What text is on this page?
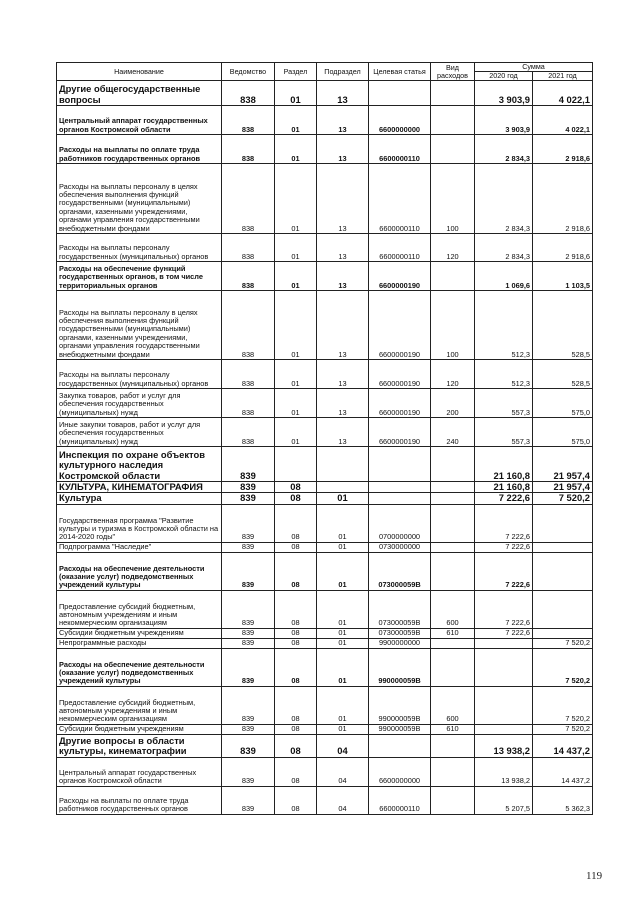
Наименование	Ведомство	Раздел	Подраздел	Целевая статья	Вид расходов	Сумма	
						2020 год	2021 год
Другие общегосударственные вопросы	838	01	13			3 903,9	4 022,1
Центральный аппарат государственных органов Костромской области	838	01	13	6600000000		3 903,9	4 022,1
Расходы на выплаты по оплате труда работников государственных органов	838	01	13	6600000110		2 834,3	2 918,6
Расходы на выплаты персоналу в целях обеспечения выполнения функций государственными (муниципальными) органами, казенными учреждениями, органами управления государственными внебюджетными фондами	838	01	13	6600000110	100	2 834,3	2 918,6
Расходы на выплаты персоналу государственных (муниципальных) органов	838	01	13	6600000110	120	2 834,3	2 918,6
Расходы на обеспечение функций государственных органов, в том числе территориальных органов	838	01	13	6600000190		1 069,6	1 103,5
Расходы на выплаты персоналу в целях обеспечения выполнения функций государственными (муниципальными) органами, казенными учреждениями, органами управления государственными внебюджетными фондами	838	01	13	6600000190	100	512,3	528,5
Расходы на выплаты персоналу государственных (муниципальных) органов	838	01	13	6600000190	120	512,3	528,5
Закупка товаров, работ и услуг для обеспечения государственных (муниципальных) нужд	838	01	13	6600000190	200	557,3	575,0
Иные закупки товаров, работ и услуг для обеспечения государственных (муниципальных) нужд	838	01	13	6600000190	240	557,3	575,0
Инспекция по охране объектов культурного наследия Костромской области	839					21 160,8	21 957,4
КУЛЬТУРА, КИНЕМАТОГРАФИЯ	839	08				21 160,8	21 957,4
Культура	839	08	01			7 222,6	7 520,2
Государственная программа "Развитие культуры и туризма в Костромской области на 2014-2020 годы"	839	08	01	0700000000		7 222,6	
Подпрограмма "Наследие"	839	08	01	0730000000		7 222,6	
Расходы на обеспечение деятельности (оказание услуг) подведомственных учреждений культуры	839	08	01	073000059В		7 222,6	
Предоставление субсидий бюджетным, автономным учреждениям и иным некоммерческим организациям	839	08	01	073000059В	600	7 222,6	
Субсидии бюджетным учреждениям	839	08	01	073000059В	610	7 222,6	
Непрограммные расходы	839	08	01	9900000000			7 520,2
Расходы на обеспечение деятельности (оказание услуг) подведомственных учреждений культуры	839	08	01	990000059В			7 520,2
Предоставление субсидий бюджетным, автономным учреждениям и иным некоммерческим организациям	839	08	01	990000059В	600		7 520,2
Субсидии бюджетным учреждениям	839	08	01	990000059В	610		7 520,2
Другие вопросы в области культуры, кинематографии	839	08	04			13 938,2	14 437,2
Центральный аппарат государственных органов Костромской области	839	08	04	6600000000		13 938,2	14 437,2
Расходы на выплаты по оплате труда работников государственных органов	839	08	04	6600000110		5 207,5	5 362,3
119
